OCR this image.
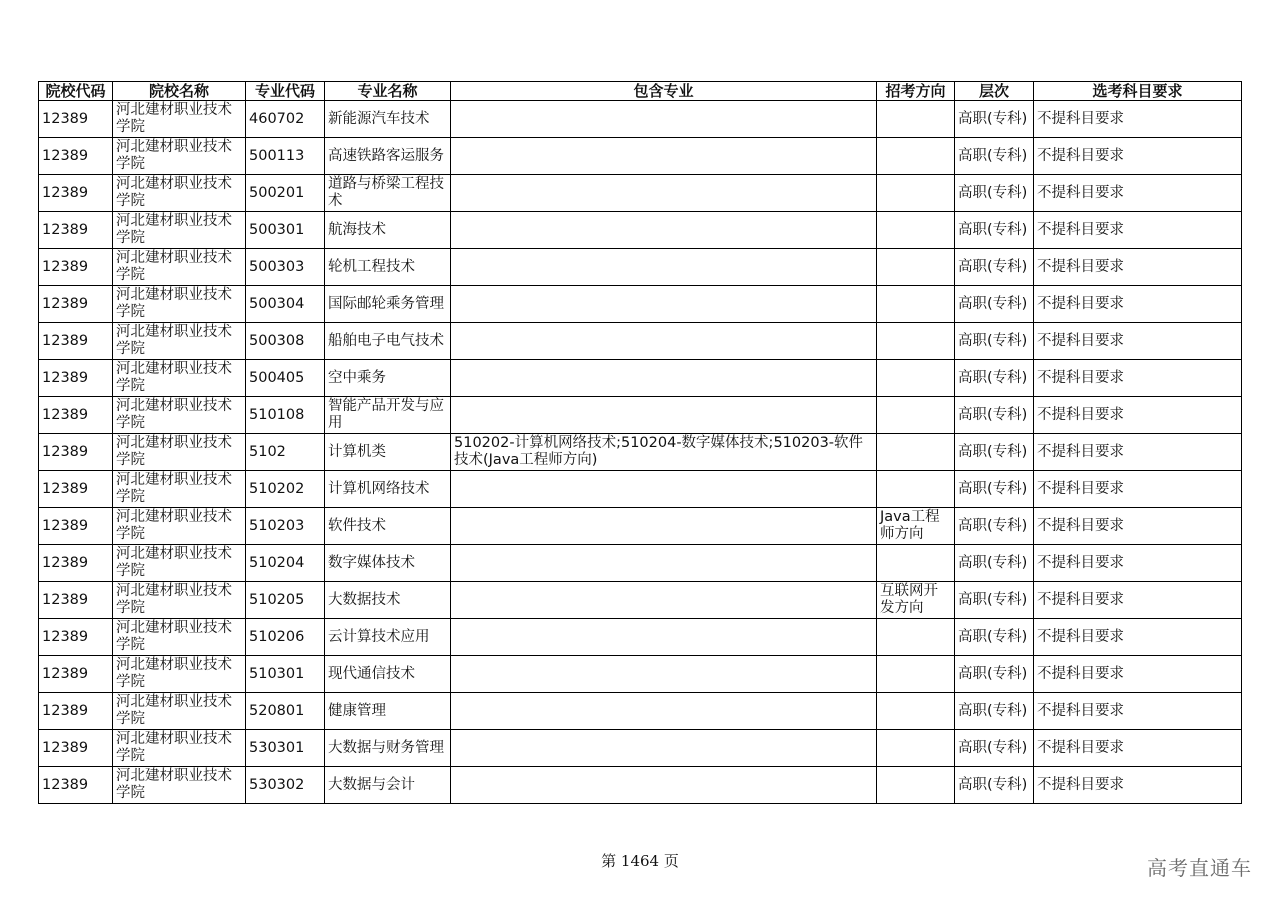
院校代码	院校名称	专业代码	专业名称	包含专业	招考方向	层次	选考科目要求
12389	河北建材职业技术学院	460702	新能源汽车技术			高职(专科)	不提科目要求
12389	河北建材职业技术学院	500113	高速铁路客运服务			高职(专科)	不提科目要求
12389	河北建材职业技术学院	500201	道路与桥梁工程技术			高职(专科)	不提科目要求
12389	河北建材职业技术学院	500301	航海技术			高职(专科)	不提科目要求
12389	河北建材职业技术学院	500303	轮机工程技术			高职(专科)	不提科目要求
12389	河北建材职业技术学院	500304	国际邮轮乘务管理			高职(专科)	不提科目要求
12389	河北建材职业技术学院	500308	船舶电子电气技术			高职(专科)	不提科目要求
12389	河北建材职业技术学院	500405	空中乘务			高职(专科)	不提科目要求
12389	河北建材职业技术学院	510108	智能产品开发与应用			高职(专科)	不提科目要求
12389	河北建材职业技术学院	5102	计算机类	510202-计算机网络技术;510204-数字媒体技术;510203-软件技术(Java工程师方向)		高职(专科)	不提科目要求
12389	河北建材职业技术学院	510202	计算机网络技术			高职(专科)	不提科目要求
12389	河北建材职业技术学院	510203	软件技术		Java工程师方向	高职(专科)	不提科目要求
12389	河北建材职业技术学院	510204	数字媒体技术			高职(专科)	不提科目要求
12389	河北建材职业技术学院	510205	大数据技术		互联网开发方向	高职(专科)	不提科目要求
12389	河北建材职业技术学院	510206	云计算技术应用			高职(专科)	不提科目要求
12389	河北建材职业技术学院	510301	现代通信技术			高职(专科)	不提科目要求
12389	河北建材职业技术学院	520801	健康管理			高职(专科)	不提科目要求
12389	河北建材职业技术学院	530301	大数据与财务管理			高职(专科)	不提科目要求
12389	河北建材职业技术学院	530302	大数据与会计			高职(专科)	不提科目要求
第 1464 页	高考直通车
